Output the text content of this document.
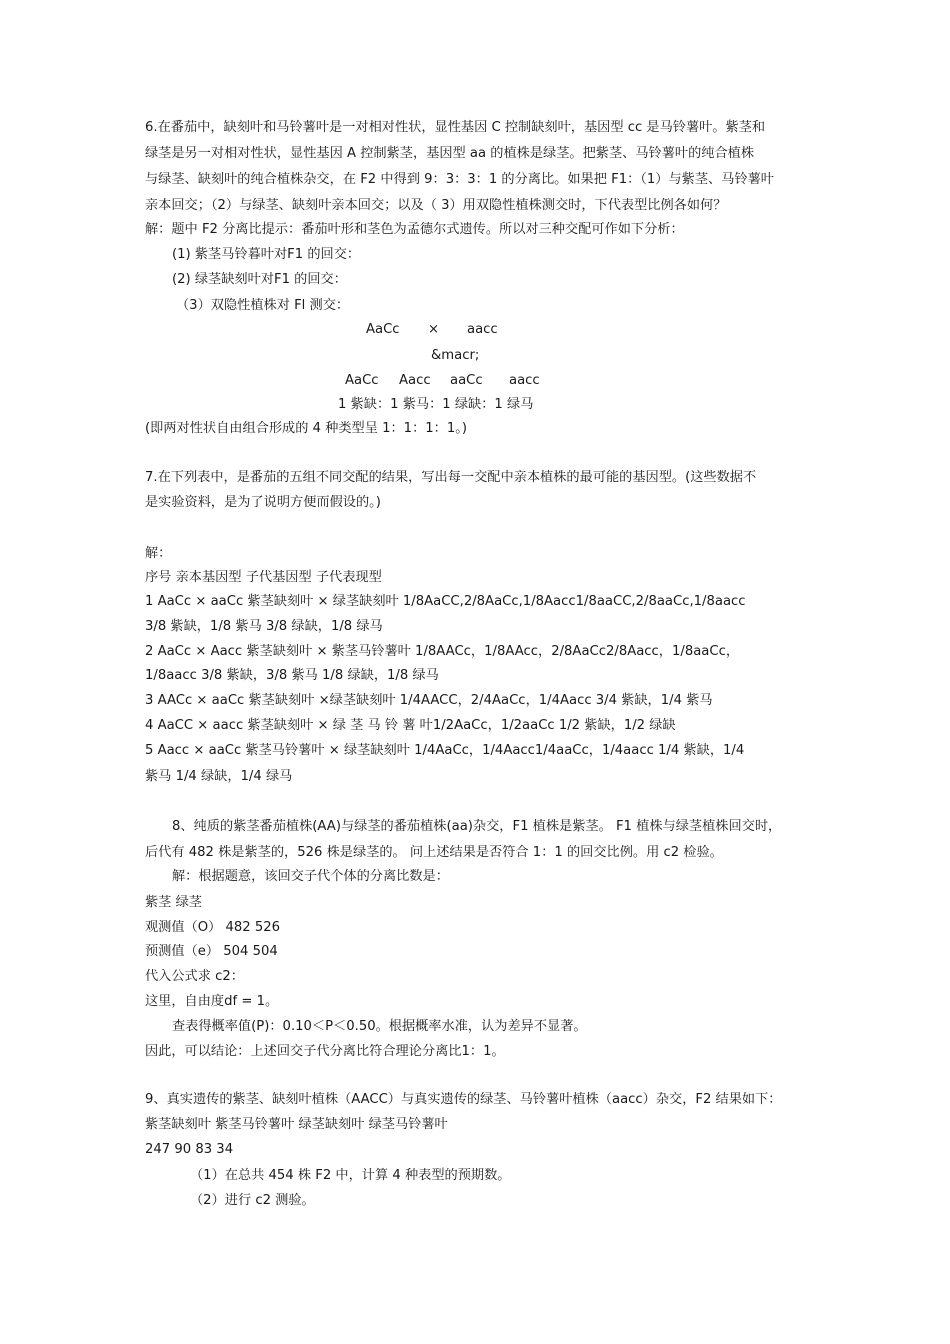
6.在番茄中，缺刻叶和马铃薯叶是一对相对性状，显性基因 C 控制缺刻叶，基因型 cc 是马铃薯叶。紫茎和
绿茎是另一对相对性状，显性基因 A 控制紫茎，基因型 aa 的植株是绿茎。把紫茎、马铃薯叶的纯合植株
与绿茎、缺刻叶的纯合植株杂交，在 F2 中得到 9：3：3：1 的分离比。如果把 F1：（1）与紫茎、马铃薯叶
亲本回交；（2）与绿茎、缺刻叶亲本回交；以及（ 3）用双隐性植株测交时，下代表型比例各如何？
解：题中 F2 分离比提示：番茄叶形和茎色为孟德尔式遗传。所以对三种交配可作如下分析：
(1) 紫茎马铃暮叶对F1 的回交：
(2) 绿茎缺刻叶对F1 的回交：
（3）双隐性植株对 Fl 测交：
AaCc × aacc
&macr;
AaCc Aacc aaCc aacc
1 紫缺：1 紫马：1 绿缺：1 绿马
(即两对性状自由组合形成的 4 种类型呈 1：1：1：1。)
7.在下列表中，是番茄的五组不同交配的结果，写出每一交配中亲本植株的最可能的基因型。(这些数据不
是实验资料，是为了说明方便而假设的。)
解：
序号 亲本基因型 子代基因型 子代表现型
1 AaCc × aaCc 紫茎缺刻叶 × 绿茎缺刻叶 1/8AaCC,2/8AaCc,1/8Aacc1/8aaCC,2/8aaCc,1/8aacc
3/8 紫缺，1/8 紫马 3/8 绿缺，1/8 绿马
2 AaCc × Aacc 紫茎缺刻叶 × 紫茎马铃薯叶 1/8AACc，1/8AAcc，2/8AaCc2/8Aacc，1/8aaCc，
1/8aacc 3/8 紫缺，3/8 紫马 1/8 绿缺，1/8 绿马
3 AACc × aaCc 紫茎缺刻叶 ×绿茎缺刻叶 1/4AACC，2/4AaCc，1/4Aacc 3/4 紫缺，1/4 紫马
4 AaCC × aacc 紫茎缺刻叶 × 绿 茎 马 铃 薯 叶1/2AaCc，1/2aaCc 1/2 紫缺，1/2 绿缺
5 Aacc × aaCc 紫茎马铃薯叶 × 绿茎缺刻叶 1/4AaCc，1/4Aacc1/4aaCc，1/4aacc 1/4 紫缺，1/4
紫马 1/4 绿缺，1/4 绿马
8、纯质的紫茎番茄植株(AA)与绿茎的番茄植株(aa)杂交，F1 植株是紫茎。 F1 植株与绿茎植株回交时，
后代有 482 株是紫茎的，526 株是绿茎的。 问上述结果是否符合 1：1 的回交比例。用 c2 检验。
解：根据题意，该回交子代个体的分离比数是：
紫茎 绿茎
观测值（O） 482 526
预测值（e） 504 504
代入公式求 c2：
这里，自由度df = 1。
查表得概率值(P)：0.10＜P＜0.50。根据概率水准，认为差异不显著。
因此，可以结论：上述回交子代分离比符合理论分离比1：1。
9、真实遗传的紫茎、缺刻叶植株（AACC）与真实遗传的绿茎、马铃薯叶植株（aacc）杂交，F2 结果如下：
紫茎缺刻叶 紫茎马铃薯叶 绿茎缺刻叶 绿茎马铃薯叶
247 90 83 34
（1）在总共 454 株 F2 中，计算 4 种表型的预期数。
（2）进行 c2 测验。
